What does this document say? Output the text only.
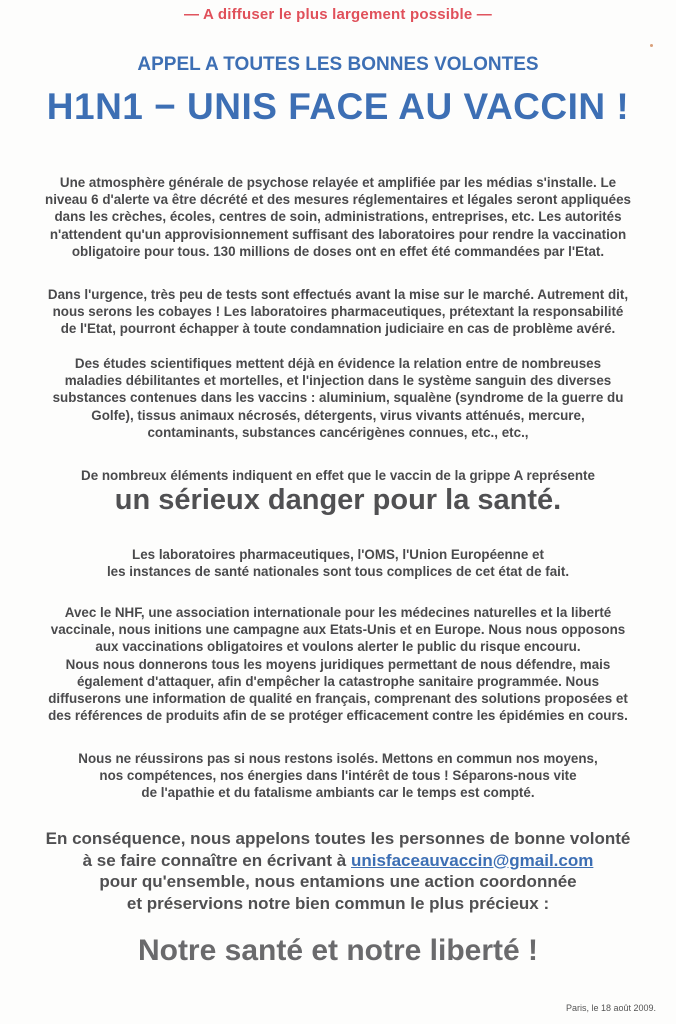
— A diffuser le plus largement possible —
APPEL A TOUTES LES BONNES VOLONTES
H1N1 − UNIS FACE AU VACCIN !
Une atmosphère générale de psychose relayée et amplifiée par les médias s'installe. Le
niveau 6 d'alerte va être décrété et des mesures réglementaires et légales seront appliquées
dans les crèches, écoles, centres de soin, administrations, entreprises, etc. Les autorités
n'attendent qu'un approvisionnement suffisant des laboratoires pour rendre la vaccination
obligatoire pour tous. 130 millions de doses ont en effet été commandées par l'Etat.
Dans l'urgence, très peu de tests sont effectués avant la mise sur le marché. Autrement dit,
nous serons les cobayes ! Les laboratoires pharmaceutiques, prétextant la responsabilité
de l'Etat, pourront échapper à toute condamnation judiciaire en cas de problème avéré.
Des études scientifiques mettent déjà en évidence la relation entre de nombreuses
maladies débilitantes et mortelles, et l'injection dans le système sanguin des diverses
substances contenues dans les vaccins : aluminium, squalène (syndrome de la guerre du
Golfe), tissus animaux nécrosés, détergents, virus vivants atténués, mercure,
contaminants, substances cancérigènes connues, etc., etc.,
De nombreux éléments indiquent en effet que le vaccin de la grippe A représente
un sérieux danger pour la santé.
Les laboratoires pharmaceutiques, l'OMS, l'Union Européenne et
les instances de santé nationales sont tous complices de cet état de fait.
Avec le NHF, une association internationale pour les médecines naturelles et la liberté
vaccinale, nous initions une campagne aux Etats-Unis et en Europe. Nous nous opposons
aux vaccinations obligatoires et voulons alerter le public du risque encouru.
Nous nous donnerons tous les moyens juridiques permettant de nous défendre, mais
également d'attaquer, afin d'empêcher la catastrophe sanitaire programmée. Nous
diffuserons une information de qualité en français, comprenant des solutions proposées et
des références de produits afin de se protéger efficacement contre les épidémies en cours.
Nous ne réussirons pas si nous restons isolés. Mettons en commun nos moyens,
nos compétences, nos énergies dans l'intérêt de tous ! Séparons-nous vite
de l'apathie et du fatalisme ambiants car le temps est compté.
En conséquence, nous appelons toutes les personnes de bonne volonté
à se faire connaître en écrivant à unisfaceauvaccin@gmail.com
pour qu'ensemble, nous entamions une action coordonnée
et préservions notre bien commun le plus précieux :
Notre santé et notre liberté !
Paris, le 18 août 2009.
